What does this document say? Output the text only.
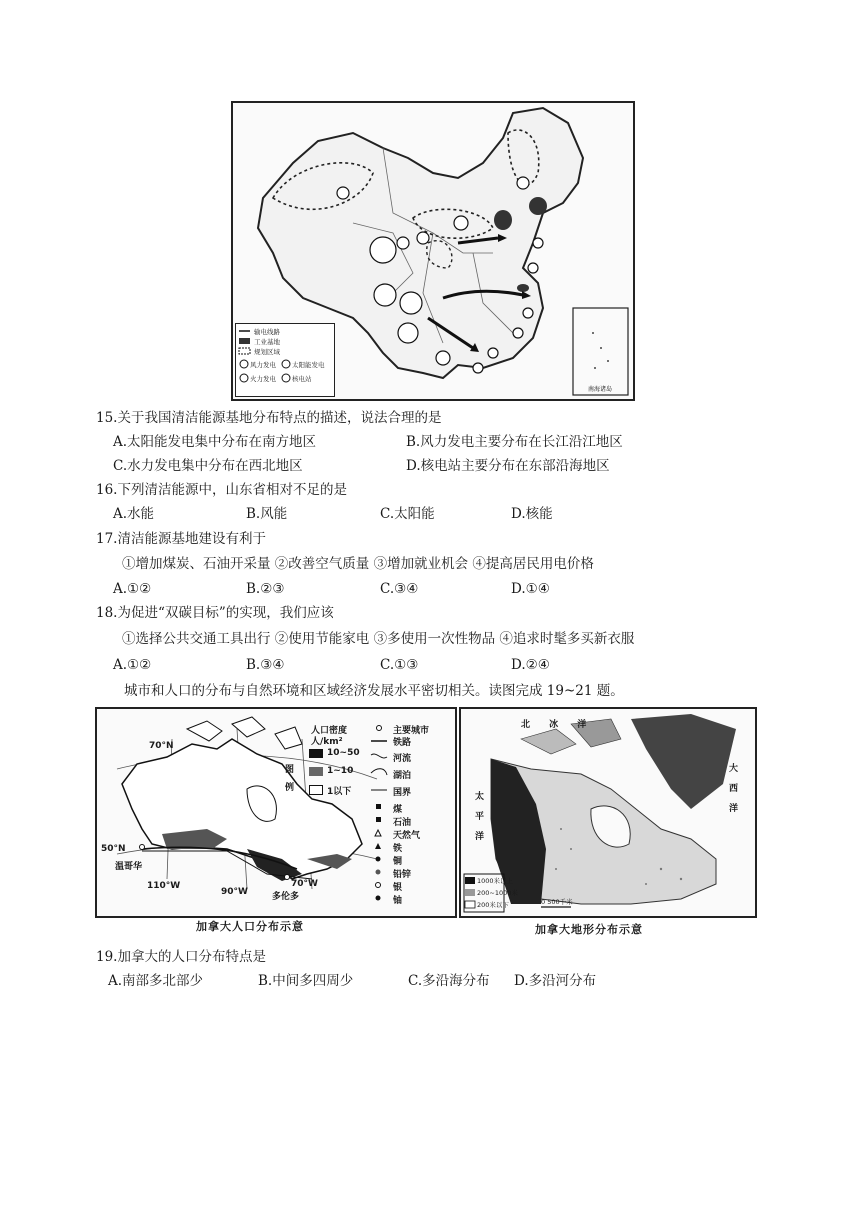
南海诸岛
输电线路
工业基地
规划区域
风力发电 太阳能发电
火力发电 核电站
15.关于我国清洁能源基地分布特点的描述，说法合理的是
A.太阳能发电集中分布在南方地区	B.风力发电主要分布在长江沿江地区
C.水力发电集中分布在西北地区	D.核电站主要分布在东部沿海地区
16.下列清洁能源中，山东省相对不足的是
A.水能	B.风能	C.太阳能	D.核能
17.清洁能源基地建设有利于
①增加煤炭、石油开采量 ②改善空气质量 ③增加就业机会 ④提高居民用电价格
A.①②	B.②③	C.③④	D.①④
18.为促进“双碳目标”的实现，我们应该
①选择公共交通工具出行 ②使用节能家电 ③多使用一次性物品 ④追求时髦多买新衣服
A.①②	B.③④	C.①③	D.②④
城市和人口的分布与自然环境和区域经济发展水平密切相关。读图完成 19~21 题。
70°N
50°N
110°W
90°W
70°W
温哥华
多伦多
图例
人口密度
人/km²
10~50
1~10
1以下
主要城市
铁路
河流
湖泊
国界
煤
石油
天然气
铁
铜
铅锌
银
铀
北 冰 洋
太 平 洋
大 西 洋
1000米以上
200~1000米
200米以下	0 500千米
加拿大人口分布示意	加拿大地形分布示意
19.加拿大的人口分布特点是
A.南部多北部少	B.中间多四周少	C.多沿海分布 D.多沿河分布
